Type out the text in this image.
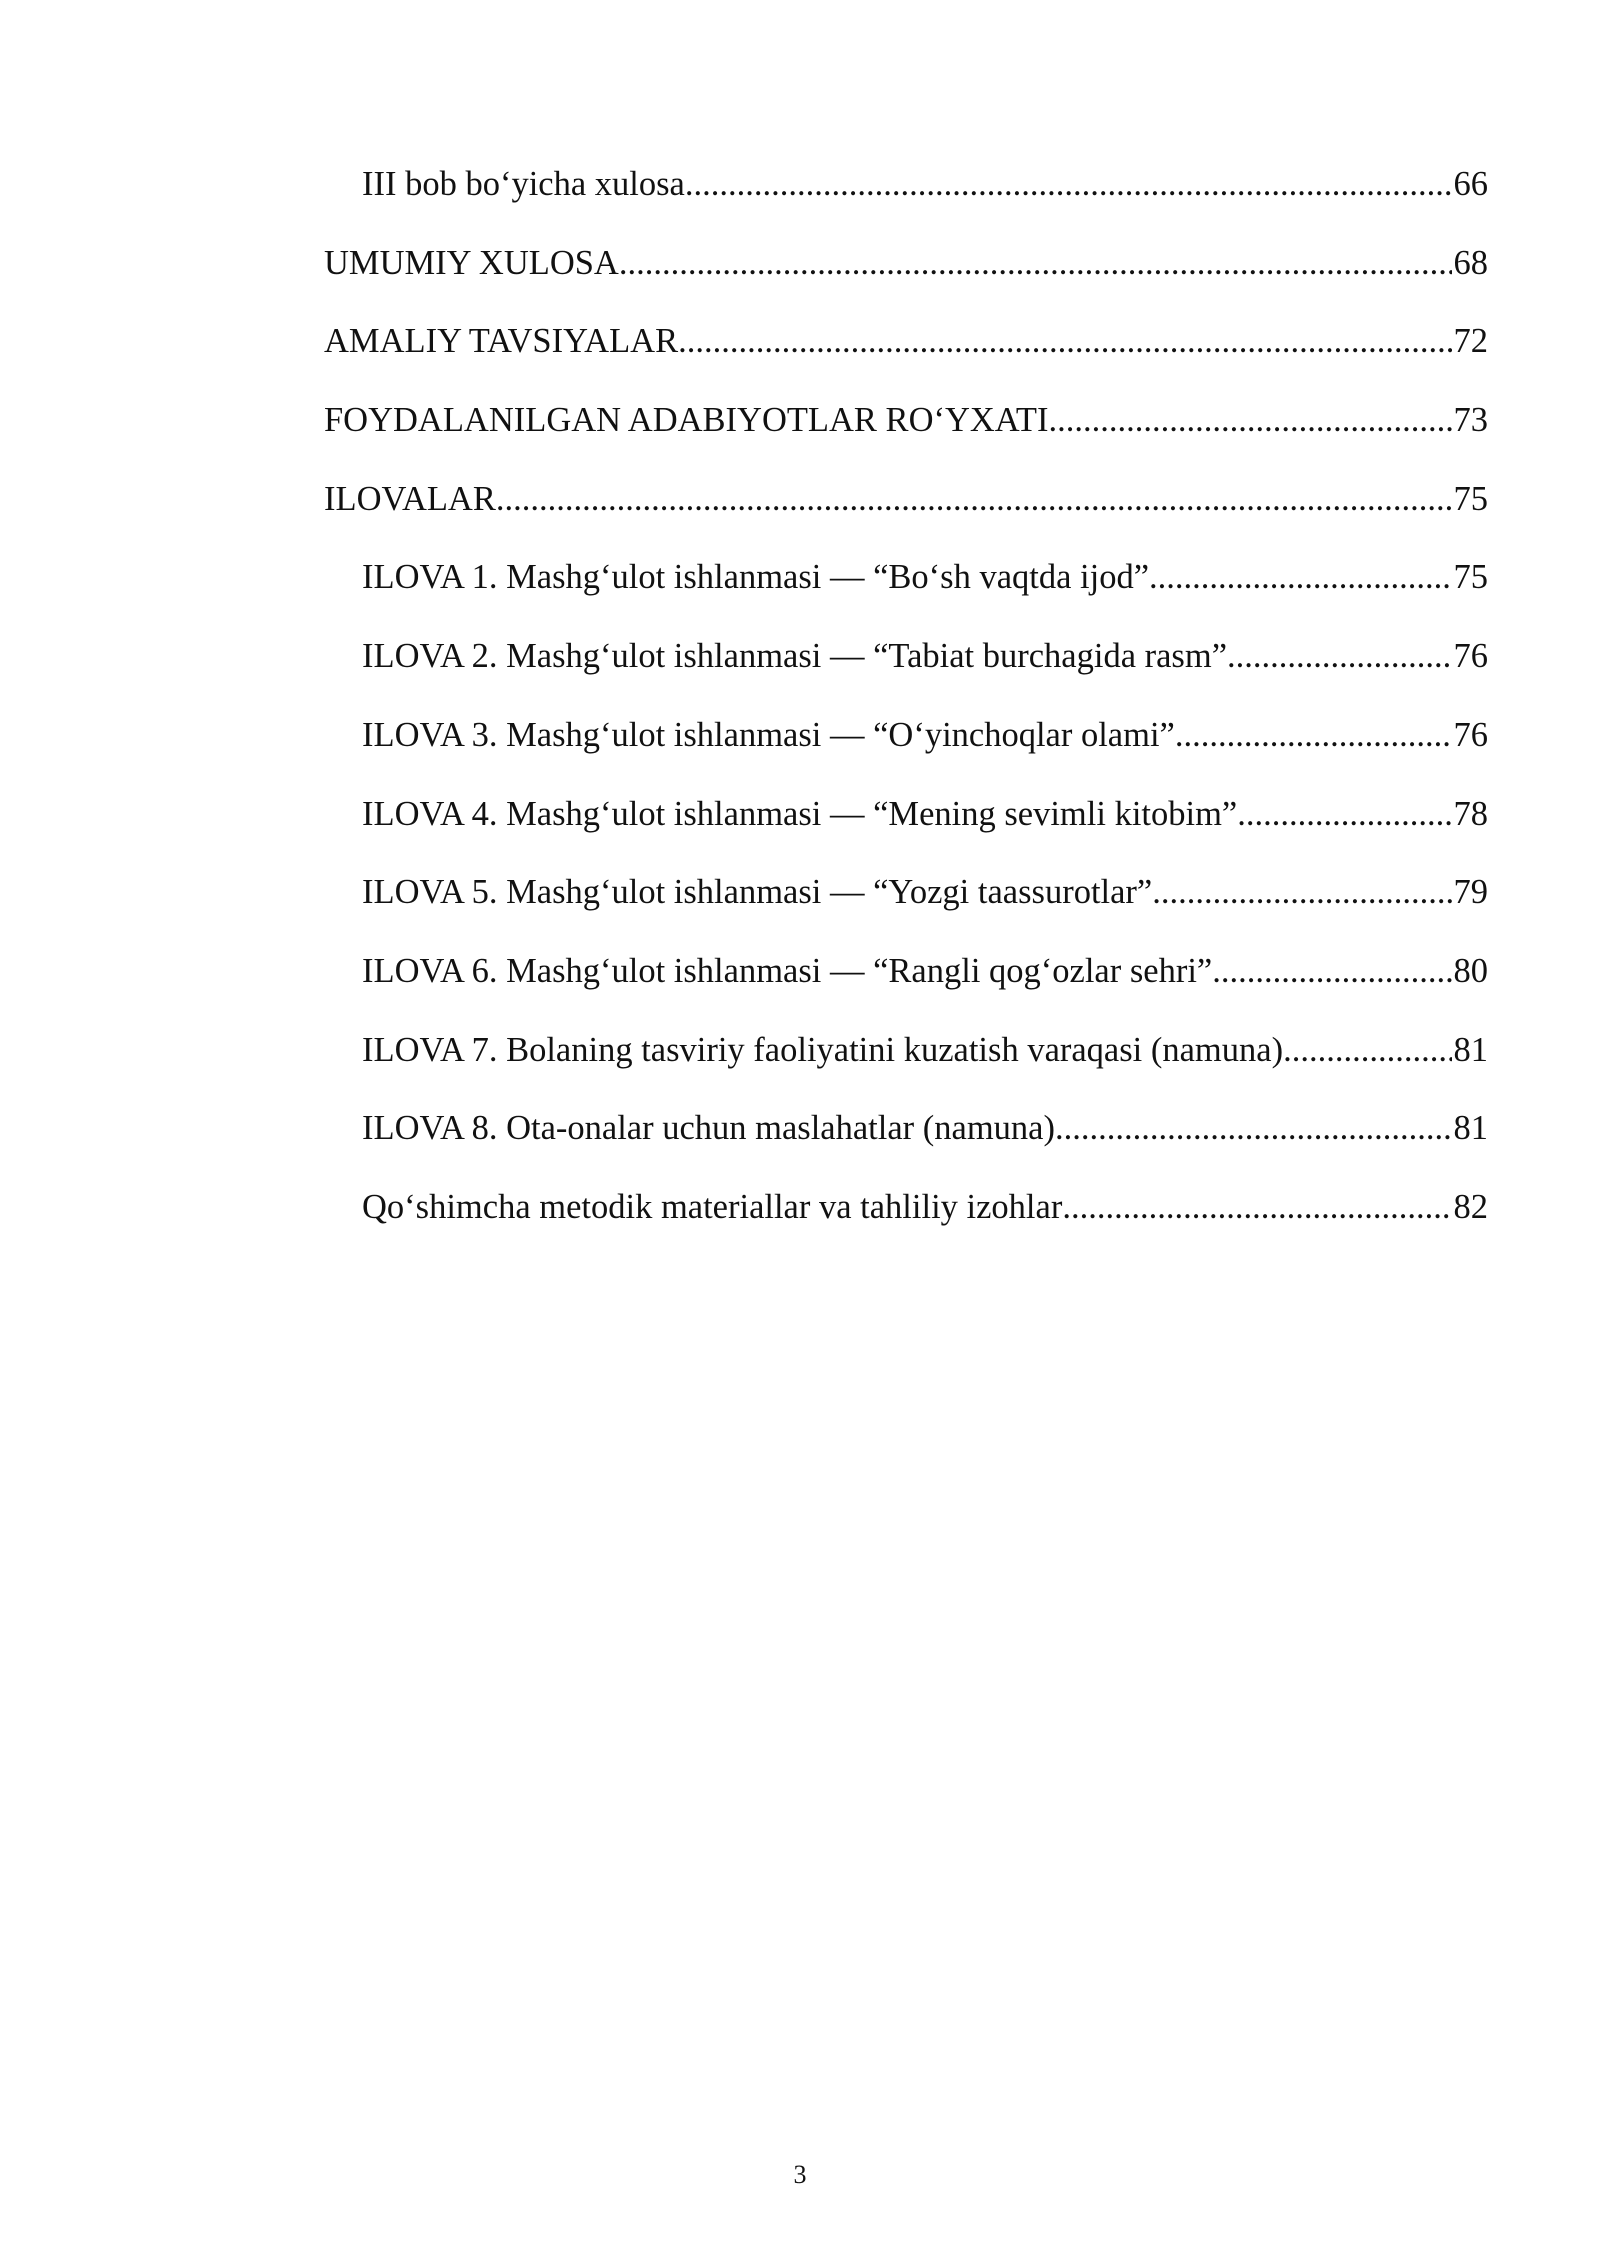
III bob bo‘yicha xulosa .....	66
UMUMIY XULOSA .....	68
AMALIY TAVSIYALAR .....	72
FOYDALANILGAN ADABIYOTLAR RO‘YXATI .....	73
ILOVALAR .....	75
ILOVA 1. Mashg‘ulot ishlanmasi — “Bo‘sh vaqtda ijod” .....	75
ILOVA 2. Mashg‘ulot ishlanmasi — “Tabiat burchagida rasm” .....	76
ILOVA 3. Mashg‘ulot ishlanmasi — “O‘yinchoqlar olami” .....	76
ILOVA 4. Mashg‘ulot ishlanmasi — “Mening sevimli kitobim” .....	78
ILOVA 5. Mashg‘ulot ishlanmasi — “Yozgi taassurotlar” .....	79
ILOVA 6. Mashg‘ulot ishlanmasi — “Rangli qog‘ozlar sehri” .....	80
ILOVA 7. Bolaning tasviriy faoliyatini kuzatish varaqasi (namuna) .....	81
ILOVA 8. Ota-onalar uchun maslahatlar (namuna) .....	81
Qo‘shimcha metodik materiallar va tahliliy izohlar .....	82
3
